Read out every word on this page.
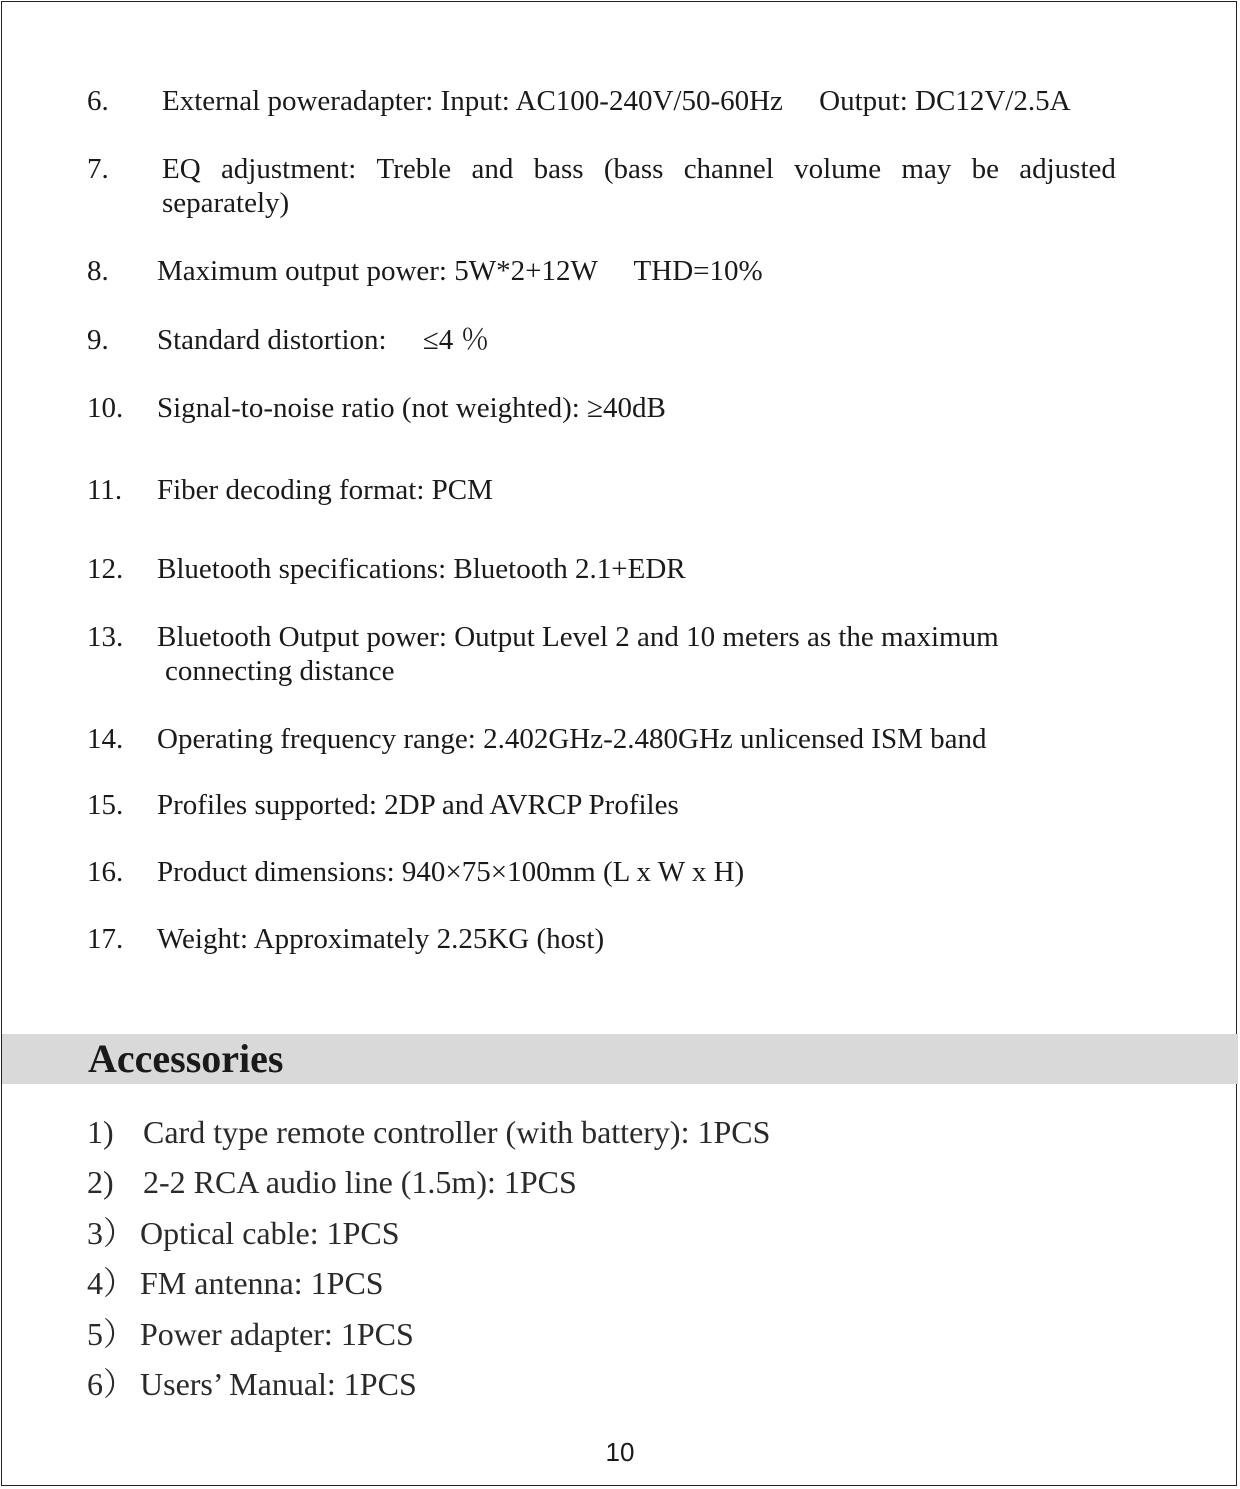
6. External poweradapter: Input: AC100-240V/50-60Hz  Output: DC12V/2.5A
7. EQ adjustment: Treble and bass (bass channel volume may be adjusted
separately)
8. Maximum output power: 5W*2+12W  THD=10%
9. Standard distortion:  ≤4 ％
10. Signal-to-noise ratio (not weighted): ≥40dB
11. Fiber decoding format: PCM
12. Bluetooth specifications: Bluetooth 2.1+EDR
13. Bluetooth Output power: Output Level 2 and 10 meters as the maximum
connecting distance
14. Operating frequency range: 2.402GHz-2.480GHz unlicensed ISM band
15. Profiles supported: 2DP and AVRCP Profiles
16. Product dimensions: 940×75×100mm (L x W x H)
17. Weight: Approximately 2.25KG (host)
Accessories
1) Card type remote controller (with battery): 1PCS
2) 2-2 RCA audio line (1.5m): 1PCS
3） Optical cable: 1PCS
4） FM antenna: 1PCS
5） Power adapter: 1PCS
6） Users’ Manual: 1PCS
10
